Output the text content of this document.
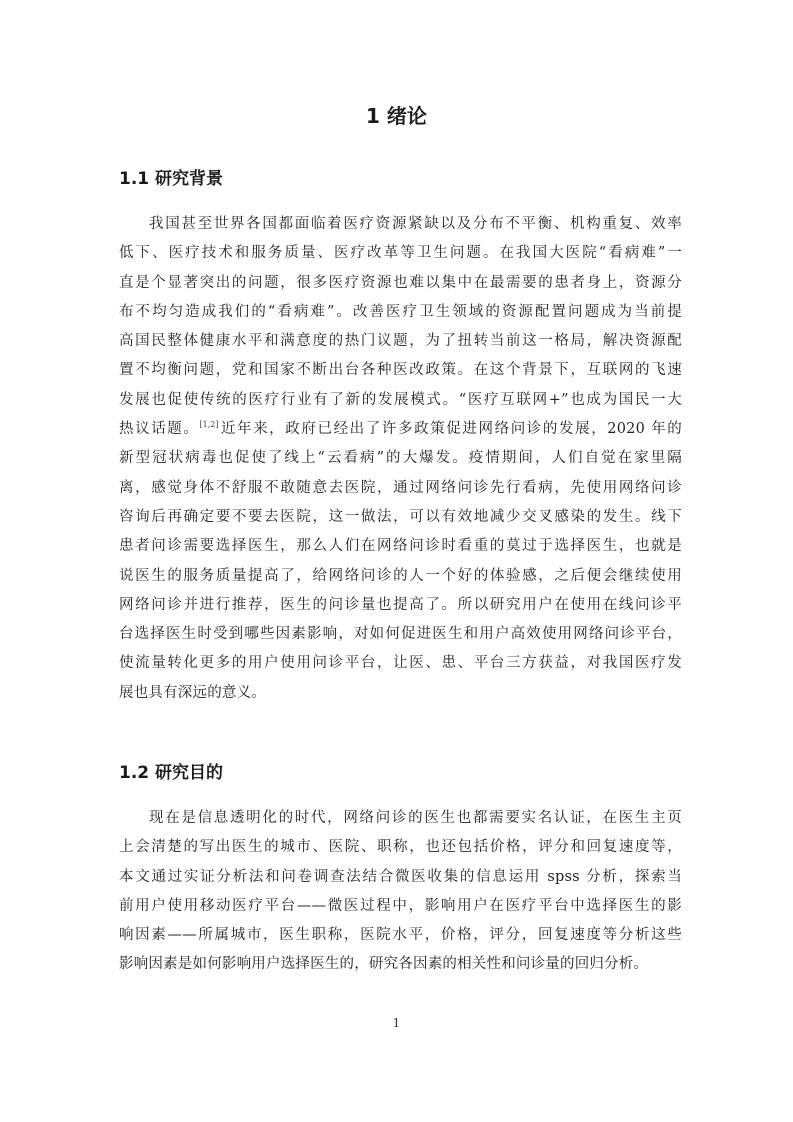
1 绪论
1.1 研究背景
我国甚至世界各国都面临着医疗资源紧缺以及分布不平衡、机构重复、效率
低下、医疗技术和服务质量、医疗改革等卫生问题。在我国大医院“看病难”一
直是个显著突出的问题，很多医疗资源也难以集中在最需要的患者身上，资源分
布不均匀造成我们的“看病难”。改善医疗卫生领域的资源配置问题成为当前提
高国民整体健康水平和满意度的热门议题，为了扭转当前这一格局，解决资源配
置不均衡问题，党和国家不断出台各种医改政策。在这个背景下，互联网的飞速
发展也促使传统的医疗行业有了新的发展模式。“医疗互联网+”也成为国民一大
热议话题。[1,2]近年来，政府已经出了许多政策促进网络问诊的发展，2020 年的
新型冠状病毒也促使了线上“云看病”的大爆发。疫情期间，人们自觉在家里隔
离，感觉身体不舒服不敢随意去医院，通过网络问诊先行看病，先使用网络问诊
咨询后再确定要不要去医院，这一做法，可以有效地减少交叉感染的发生。线下
患者问诊需要选择医生，那么人们在网络问诊时看重的莫过于选择医生，也就是
说医生的服务质量提高了，给网络问诊的人一个好的体验感，之后便会继续使用
网络问诊并进行推荐，医生的问诊量也提高了。所以研究用户在使用在线问诊平
台选择医生时受到哪些因素影响，对如何促进医生和用户高效使用网络问诊平台，
使流量转化更多的用户使用问诊平台，让医、患、平台三方获益，对我国医疗发
展也具有深远的意义。
1.2 研究目的
现在是信息透明化的时代，网络问诊的医生也都需要实名认证，在医生主页
上会清楚的写出医生的城市、医院、职称，也还包括价格，评分和回复速度等，
本文通过实证分析法和问卷调查法结合微医收集的信息运用 spss 分析，探索当
前用户使用移动医疗平台——微医过程中，影响用户在医疗平台中选择医生的影
响因素——所属城市，医生职称，医院水平，价格，评分，回复速度等分析这些
影响因素是如何影响用户选择医生的，研究各因素的相关性和问诊量的回归分析。
1
